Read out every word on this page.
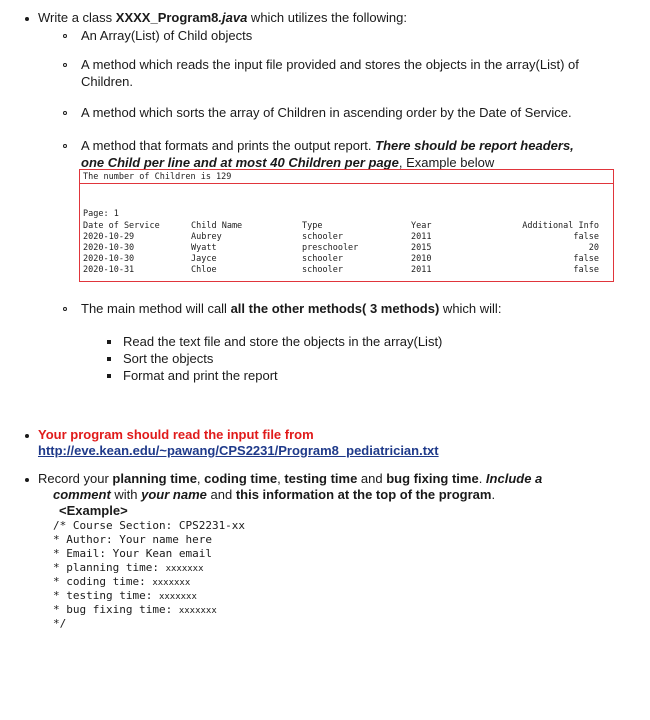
Write a class XXXX_Program8.java which utilizes the following:
An Array(List) of Child objects
A method which reads the input file provided and stores the objects in the array(List) of
Children.
A method which sorts the array of Children in ascending order by the Date of Service.
A method that formats and prints the output report. There should be report headers,
one Child per line and at most 40 Children per page, Example below
The number of Children is 129
Page: 1
Date of Service	Child Name	Type	Year	Additional Info
2020-10-29	Aubrey	schooler	2011	false
2020-10-30	Wyatt	preschooler	2015	20
2020-10-30	Jayce	schooler	2010	false
2020-10-31	Chloe	schooler	2011	false
The main method will call all the other methods( 3 methods) which will:
Read the text file and store the objects in the array(List)
Sort the objects
Format and print the report
Your program should read the input file from
http://eve.kean.edu/~pawang/CPS2231/Program8_pediatrician.txt
Record your planning time, coding time, testing time and bug fixing time. Include a
comment with your name and this information at the top of the program.
<Example>
/* Course Section: CPS2231-xx
* Author: Your name here
* Email: Your Kean email
* planning time: xxxxxxx
* coding time: xxxxxxx
* testing time: xxxxxxx
* bug fixing time: xxxxxxx
*/
